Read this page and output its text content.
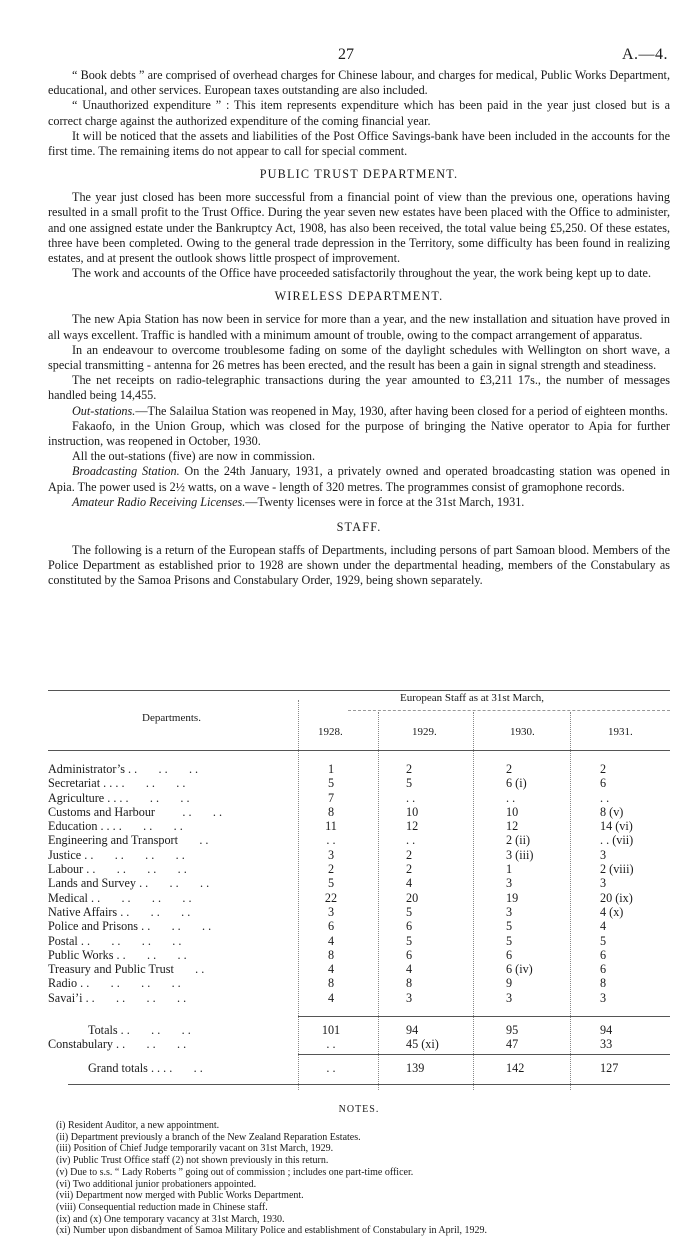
27	A.—4.

“ Book debts ” are comprised of overhead charges for Chinese labour, and charges for medical, Public Works Department, educational, and other services. European taxes outstanding are also included.

“ Unauthorized expenditure ” : This item represents expenditure which has been paid in the year just closed but is a correct charge against the authorized expenditure of the coming financial year.

It will be noticed that the assets and liabilities of the Post Office Savings-bank have been included in the accounts for the first time. The remaining items do not appear to call for special comment.

PUBLIC TRUST DEPARTMENT.

The year just closed has been more successful from a financial point of view than the previous one, operations having resulted in a small profit to the Trust Office. During the year seven new estates have been placed with the Office to administer, and one assigned estate under the Bankruptcy Act, 1908, has also been received, the total value being £5,250. Of these estates, three have been completed. Owing to the general trade depression in the Territory, some difficulty has been found in realizing estates, and at present the outlook shows little prospect of improvement.

The work and accounts of the Office have proceeded satisfactorily throughout the year, the work being kept up to date.

WIRELESS DEPARTMENT.

The new Apia Station has now been in service for more than a year, and the new installation and situation have proved in all ways excellent. Traffic is handled with a minimum amount of trouble, owing to the compact arrangement of apparatus.

In an endeavour to overcome troublesome fading on some of the daylight schedules with Wellington on short wave, a special transmitting - antenna for 26 metres has been erected, and the result has been a gain in signal strength and steadiness.

The net receipts on radio-telegraphic transactions during the year amounted to £3,211 17s., the number of messages handled being 14,455.

Out-stations.—The Salailua Station was reopened in May, 1930, after having been closed for a period of eighteen months.

Fakaofo, in the Union Group, which was closed for the purpose of bringing the Native operator to Apia for further instruction, was reopened in October, 1930.

All the out-stations (five) are now in commission.

Broadcasting Station. On the 24th January, 1931, a privately owned and operated broadcasting station was opened in Apia. The power used is 2½ watts, on a wave - length of 320 metres. The programmes consist of gramophone records.

Amateur Radio Receiving Licenses.—Twenty licenses were in force at the 31st March, 1931.

STAFF.

The following is a return of the European staffs of Departments, including persons of part Samoan blood. Members of the Police Department as established prior to 1928 are shown under the departmental heading, members of the Constabulary as constituted by the Samoa Prisons and Constabulary Order, 1929, being shown separately.

European Staff as at 31st March,
Departments.
1928.	1929.	1930.	1931.
Administrator’s . .       . .       . .	1	2	2	2
Secretariat . . . .       . .       . .	5	5	6 (i)	6
Agriculture . . . .       . .       . .	7	. .	. .	. .
Customs and Harbour         . .       . .	8	10	10	8 (v)
Education . . . .       . .       . .	11	12	12	14 (vi)
Engineering and Transport       . .	. .	. .	2 (ii)	. . (vii)
Justice . .       . .       . .       . .	3	2	3 (iii)	3
Labour . .       . .       . .       . .	2	2	1	2 (viii)
Lands and Survey . .       . .       . .	5	4	3	3
Medical . .       . .       . .       . .	22	20	19	20 (ix)
Native Affairs . .       . .       . .	3	5	3	4 (x)
Police and Prisons . .       . .       . .	6	6	5	4
Postal . .       . .       . .       . .	4	5	5	5
Public Works . .       . .       . .	8	6	6	6
Treasury and Public Trust       . .	4	4	6 (iv)	6
Radio . .       . .       . .       . .	8	8	9	8
Savai’i . .       . .       . .       . .	4	3	3	3
Totals . .       . .       . .	101	94	95	94
Constabulary . .       . .       . .	. .	45 (xi)	47	33
Grand totals . . . .       . .	. .	139	142	127
NOTES.
(i) Resident Auditor, a new appointment.
(ii) Department previously a branch of the New Zealand Reparation Estates.
(iii) Position of Chief Judge temporarily vacant on 31st March, 1929.
(iv) Public Trust Office staff (2) not shown previously in this return.
(v) Due to s.s. “ Lady Roberts ” going out of commission ; includes one part-time officer.
(vi) Two additional junior probationers appointed.
(vii) Department now merged with Public Works Department.
(viii) Consequential reduction made in Chinese staff.
(ix) and (x) One temporary vacancy at 31st March, 1930.
(xi) Number upon disbandment of Samoa Military Police and establishment of Constabulary in April, 1929.
